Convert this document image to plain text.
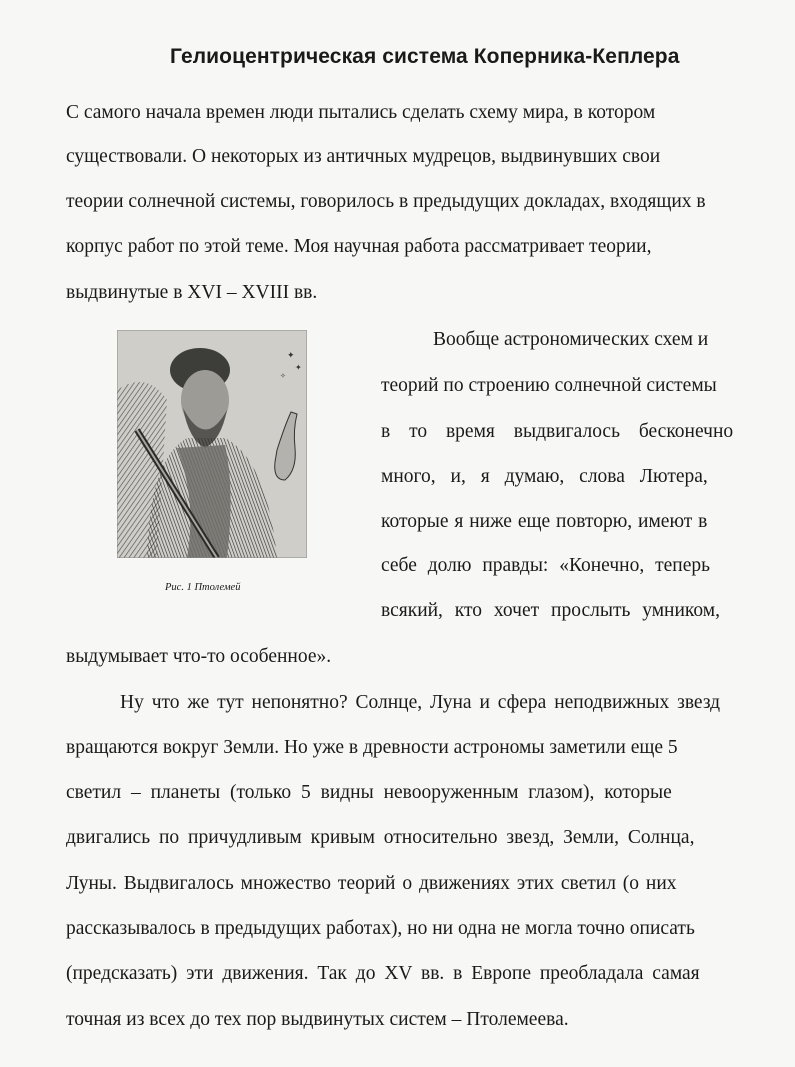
Гелиоцентрическая система Коперника-Кеплера

С самого начала времен люди пытались сделать схему мира, в котором

существовали. О некоторых из античных мудрецов, выдвинувших свои

теории солнечной системы, говорилось в предыдущих докладах, входящих в

корпус работ по этой теме. Моя научная работа рассматривает теории,

выдвинутые в XVI – XVIII вв.

✦
✦
✧

Рис. 1 Птолемей

Вообще астрономических схем и

теорий по строению солнечной системы

в то время выдвигалось бесконечно

много, и, я думаю, слова Лютера,

которые я ниже еще повторю, имеют в

себе долю правды: «Конечно, теперь

всякий, кто хочет прослыть умником,

выдумывает что-то особенное».

Ну что же тут непонятно? Солнце, Луна и сфера неподвижных звезд

вращаются вокруг Земли. Но уже в древности астрономы заметили еще 5

светил – планеты (только 5 видны невооруженным глазом), которые

двигались по причудливым кривым относительно звезд, Земли, Солнца,

Луны. Выдвигалось множество теорий о движениях этих светил (о них

рассказывалось в предыдущих работах), но ни одна не могла точно описать

(предсказать) эти движения. Так до XV вв. в Европе преобладала самая

точная из всех до тех пор выдвинутых систем – Птолемеева.
